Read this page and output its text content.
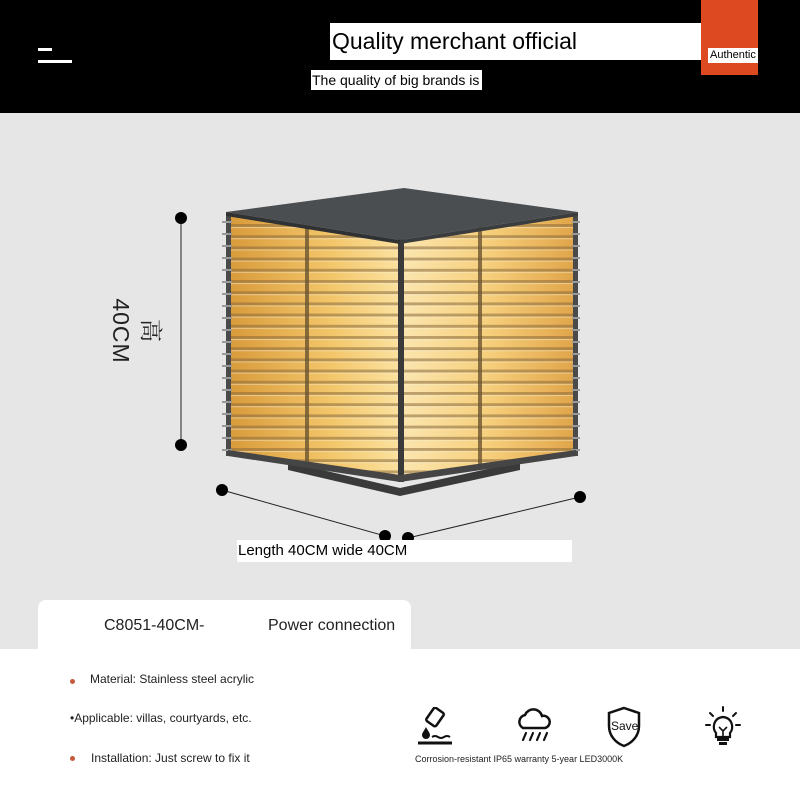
Quality merchant official
Authentic
The quality of big brands is
高40CM
Length 40CM wide 40CM
C8051-40CM-	Power connection
Material: Stainless steel acrylic
•Applicable: villas, courtyards, etc.
Installation: Just screw to fix it
Save
Corrosion-resistant IP65 warranty 5-year LED3000K
